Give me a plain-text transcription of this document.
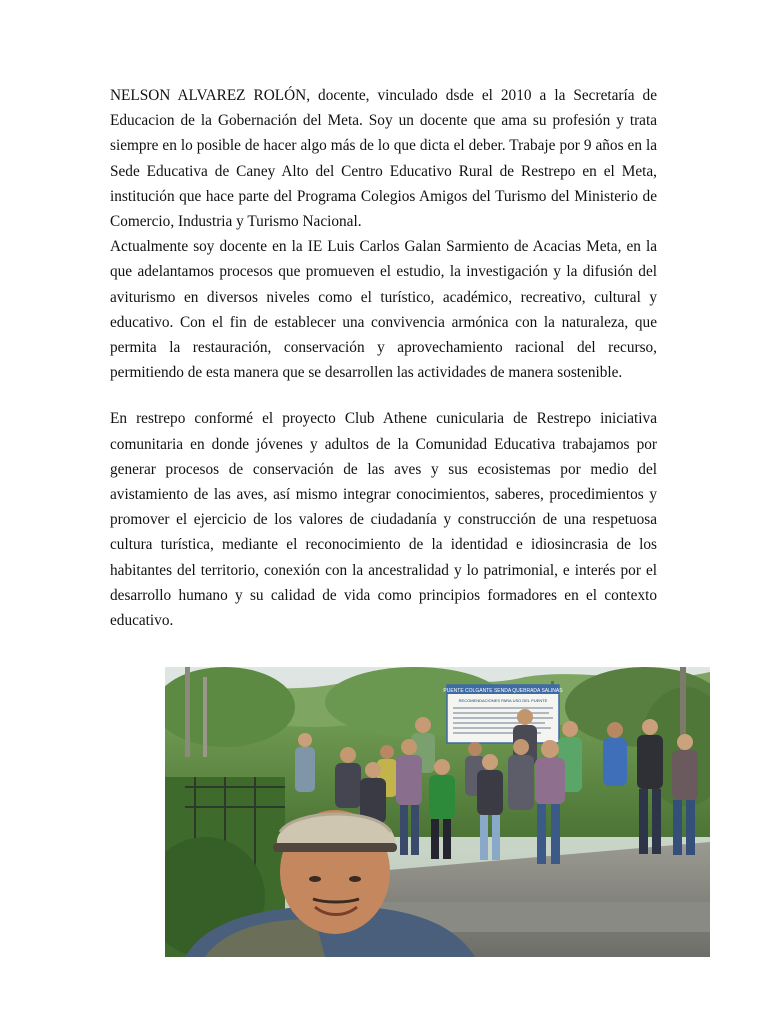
NELSON ALVAREZ ROLÓN, docente, vinculado dsde el 2010 a la Secretaría de Educacion de la Gobernación del Meta. Soy un docente que ama su profesión y trata siempre en lo posible de hacer algo más de lo que dicta el deber. Trabaje por 9 años en la Sede Educativa de Caney Alto del Centro Educativo Rural de Restrepo en el Meta, institución que hace parte del Programa Colegios Amigos del Turismo del Ministerio de Comercio, Industria y Turismo Nacional.

Actualmente soy docente en la IE Luis Carlos Galan Sarmiento de Acacias Meta, en la que adelantamos procesos que promueven el estudio, la investigación y la difusión del aviturismo en diversos niveles como el turístico, académico, recreativo, cultural y educativo. Con el fin de establecer una convivencia armónica con la naturaleza, que permita la restauración, conservación y aprovechamiento racional del recurso, permitiendo de esta manera que se desarrollen las actividades de manera sostenible.

En restrepo conformé el proyecto Club Athene cunicularia de Restrepo iniciativa comunitaria en donde jóvenes y adultos de la Comunidad Educativa trabajamos por generar procesos de conservación de las aves y sus ecosistemas por medio del avistamiento de las aves, así mismo integrar conocimientos, saberes, procedimientos y promover el ejercicio de los valores de ciudadanía y construcción de una respetuosa cultura turística, mediante el reconocimiento de la identidad e idiosincrasia de los habitantes del territorio, conexión con la ancestralidad y lo patrimonial, e interés por el desarrollo humano y su calidad de vida como principios formadores en el contexto educativo.

PUENTE COLGANTE SENDA QUEBRADA SALINAS
RECOMENDACIONES PARA USO DEL PUENTE
